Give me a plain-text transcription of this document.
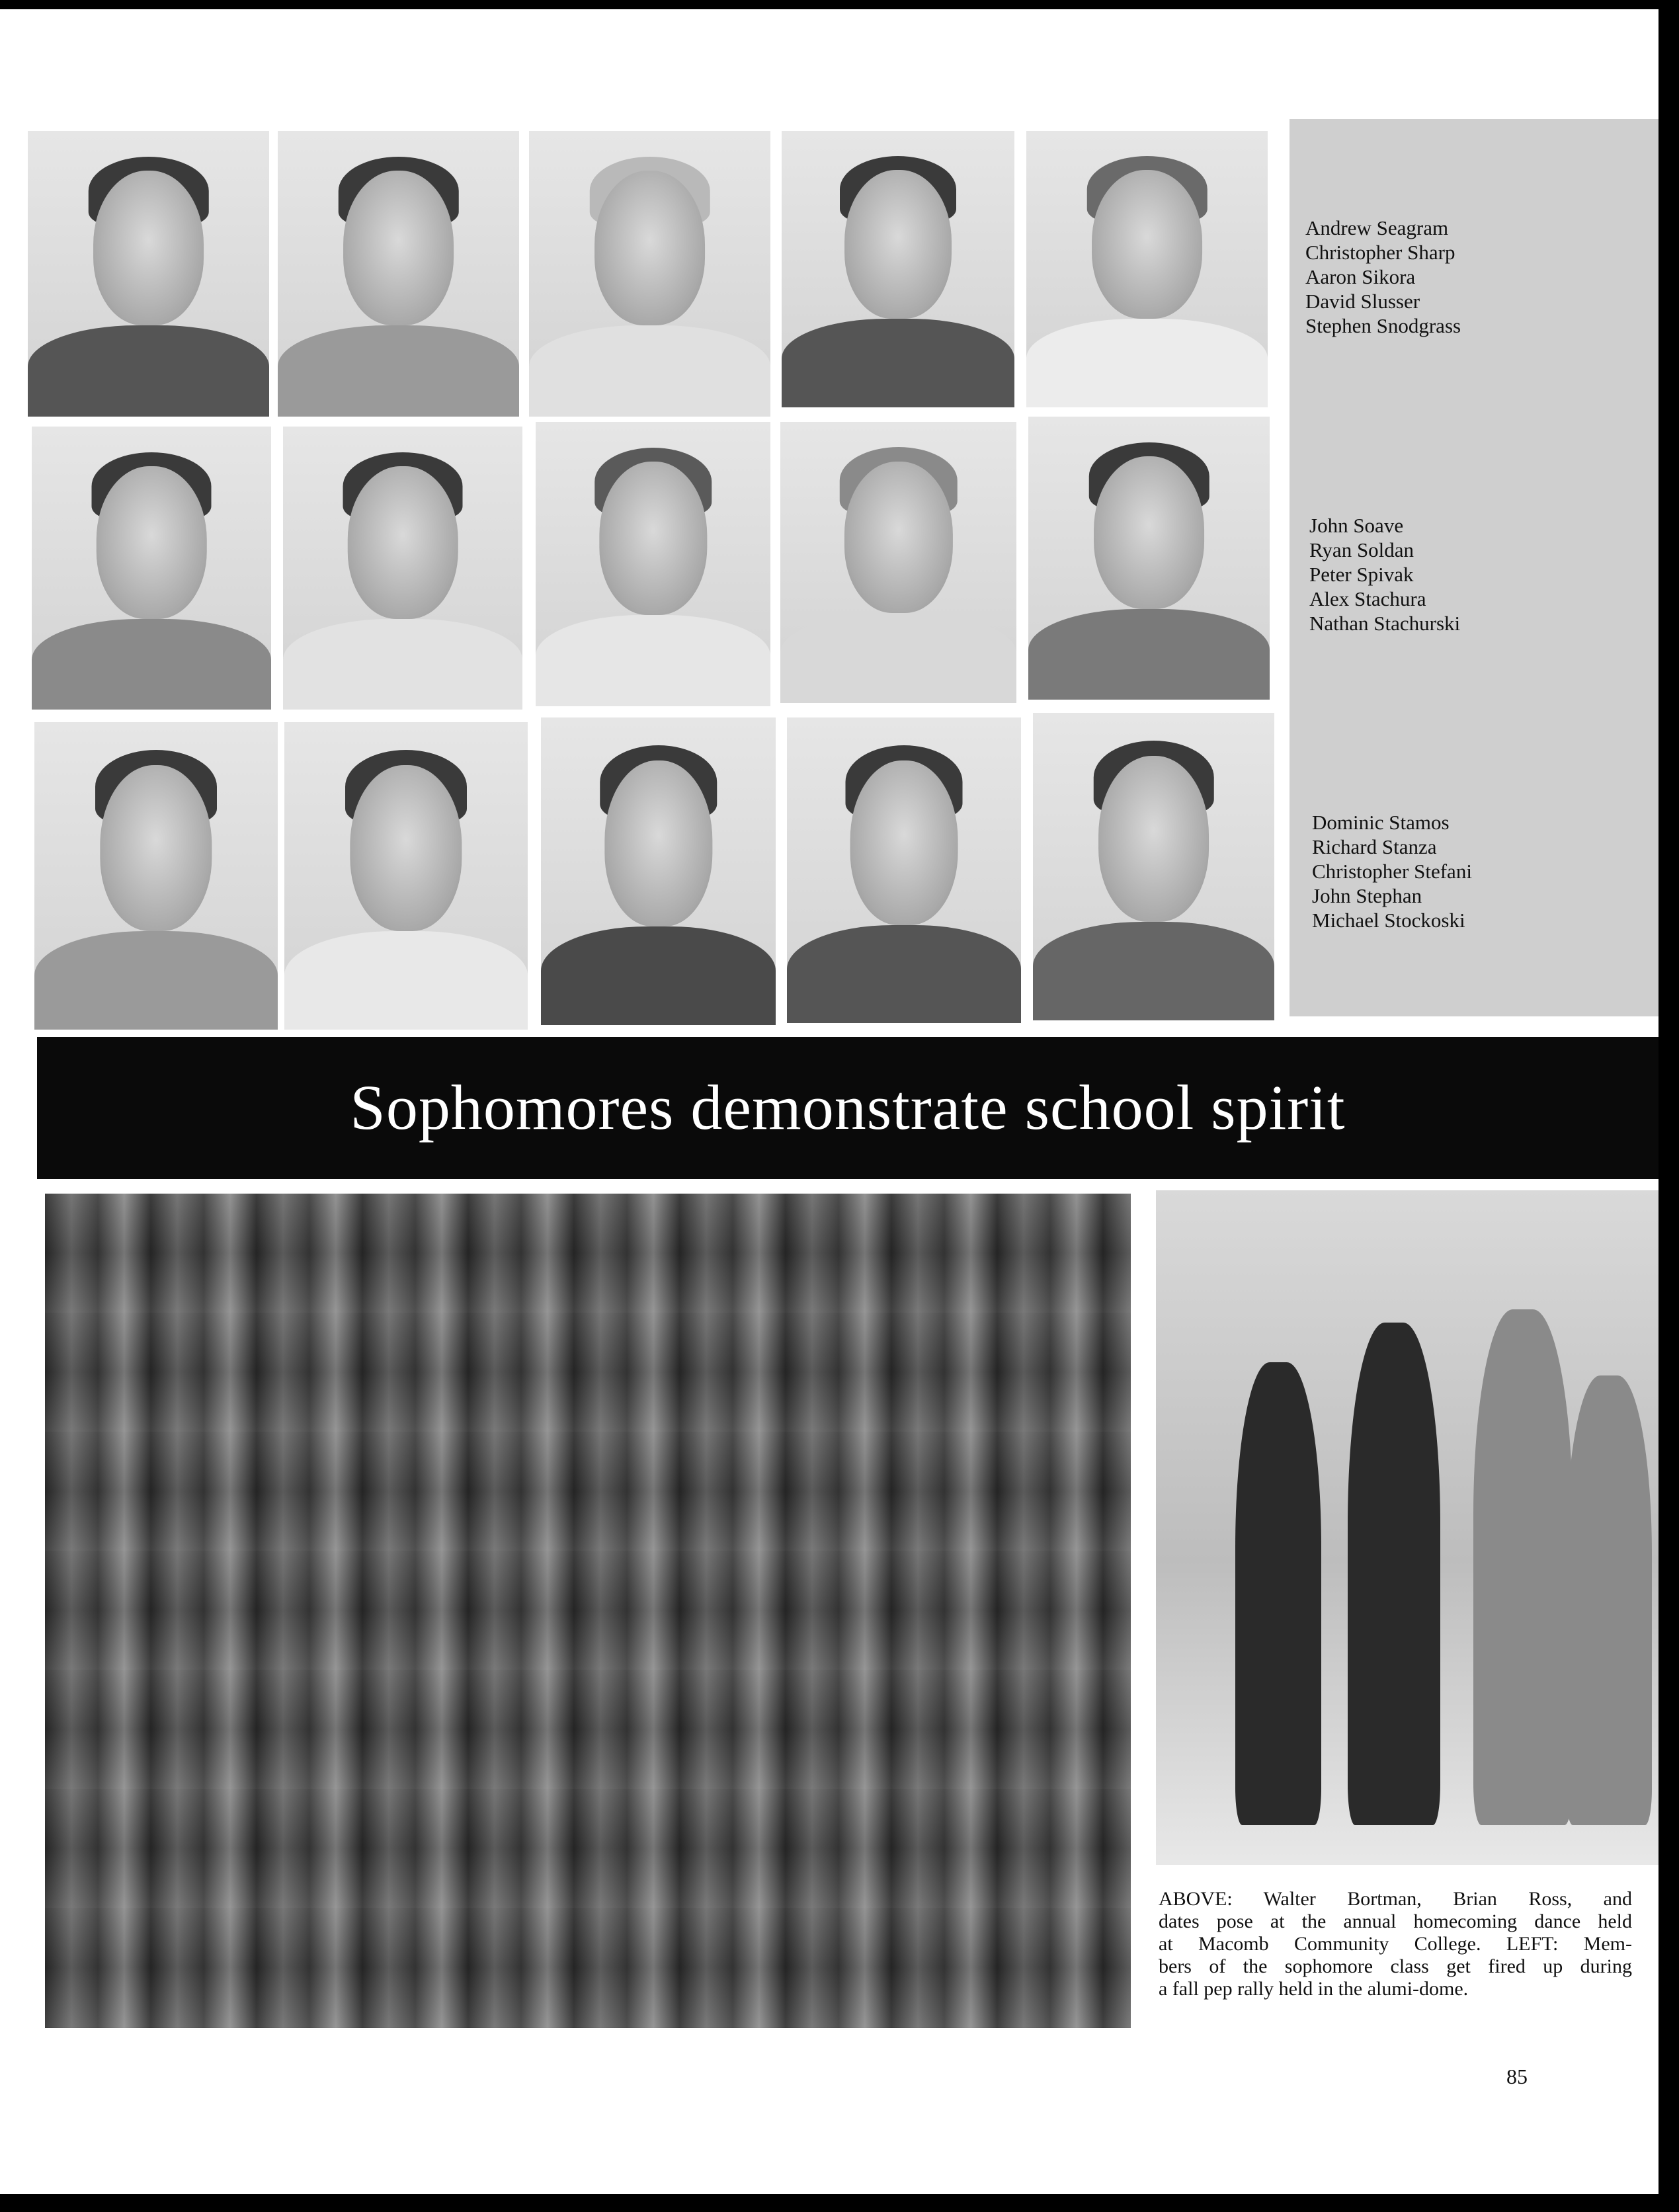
Andrew Seagram
Christopher Sharp
Aaron Sikora
David Slusser
Stephen Snodgrass
John Soave
Ryan Soldan
Peter Spivak
Alex Stachura
Nathan Stachurski
Dominic Stamos
Richard Stanza
Christopher Stefani
John Stephan
Michael Stockoski
Sophomores demonstrate school spirit
ABOVE: Walter Bortman, Brian Ross, and
dates pose at the annual homecoming dance held
at Macomb Community College. LEFT: Mem-
bers of the sophomore class get fired up during
a fall pep rally held in the alumi-dome.
85
